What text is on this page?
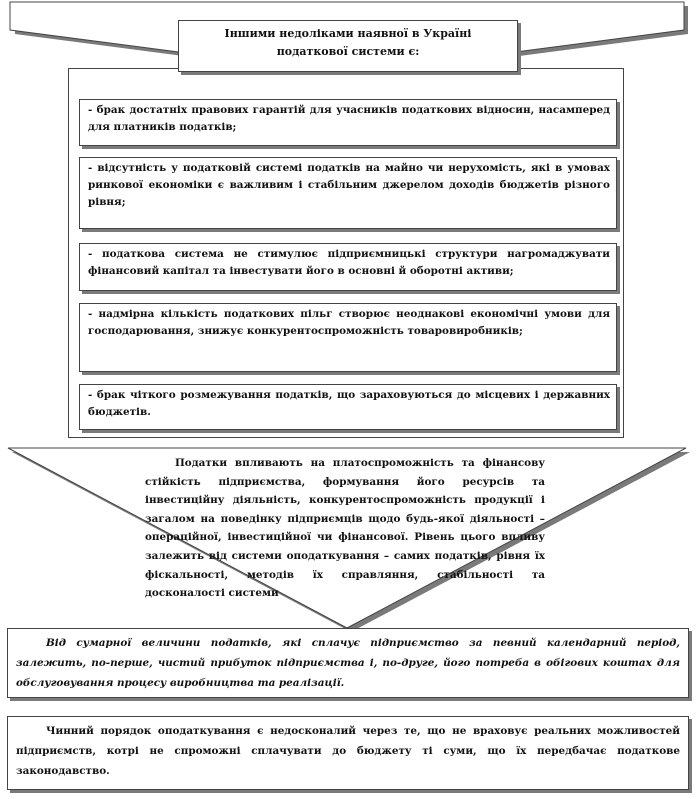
Іншими недоліками наявної в Україні податкової системи є:
- брак достатніх правових гарантій для учасників податкових відносин, насамперед для платників податків;
- відсутність у податковій системі податків на майно чи нерухомість, які в умовах ринкової економіки є важливим і стабільним джерелом доходів бюджетів різного рівня;
- податкова система не стимулює підприємницькі структури нагромаджувати фінансовий капітал та інвестувати його в основні й оборотні активи;
- надмірна кількість податкових пільг створює неоднакові економічні умови для господарювання, знижує конкурентоспроможність товаровиробників;
- брак чіткого розмежування податків, що зараховуються до місцевих і державних бюджетів.
Податки впливають на платоспроможність та фінансову стійкість підприємства, формування його ресурсів та інвестиційну діяльність, конкурентоспроможність продукції і загалом на поведінку підприємців щодо будь-якої діяльності – операційної, інвестиційної чи фінансової. Рівень цього впливу залежить від системи оподаткування – самих податків, рівня їх фіскальності, методів їх справляння, стабільності та досконалості системи
Від сумарної величини податків, які сплачує підприємство за певний календарний період, залежить, по-перше, чистий прибуток підприємства і, по-друге, його потреба в обігових коштах для обслуговування процесу виробництва та реалізації.
Чинний порядок оподаткування є недосконалий через те, що не враховує реальних можливостей підприємств, котрі не спроможні сплачувати до бюджету ті суми, що їх передбачає податкове законодавство.
